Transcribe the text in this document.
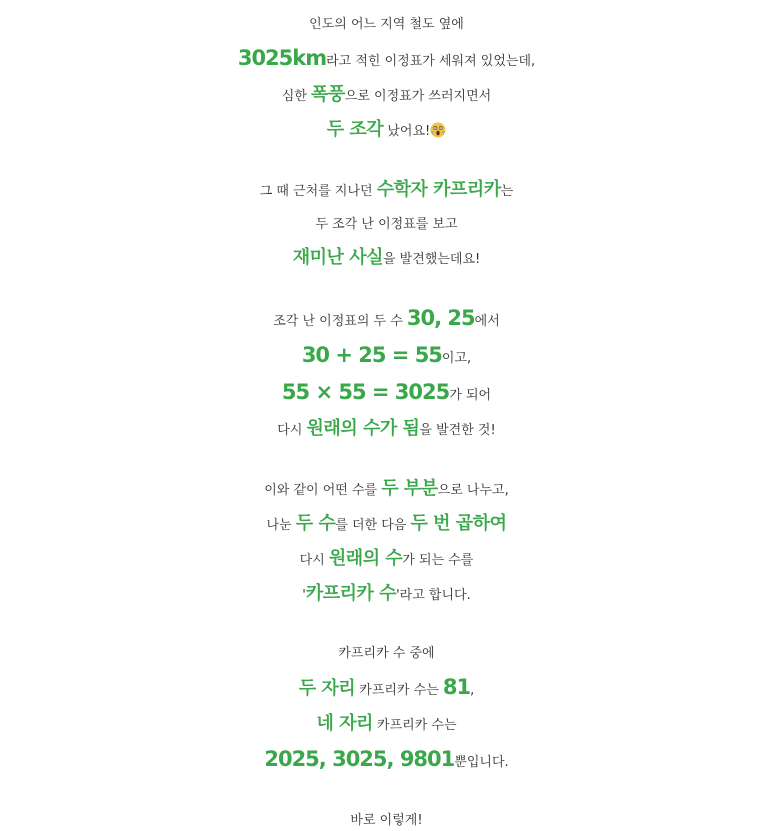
인도의 어느 지역 철도 옆에

3025km라고 적힌 이정표가 세워져 있었는데,

심한 폭풍으로 이정표가 쓰러지면서

두 조각 났어요!

그 때 근처를 지나던 수학자 카프리카는

두 조각 난 이정표를 보고

재미난 사실을 발견했는데요!

조각 난 이정표의 두 수 30, 25에서

30 + 25 = 55이고,

55 × 55 = 3025가 되어

다시 원래의 수가 됨을 발견한 것!

이와 같이 어떤 수를 두 부분으로 나누고,

나눈 두 수를 더한 다음 두 번 곱하여

다시 원래의 수가 되는 수를

'카프리카 수'라고 합니다.

카프리카 수 중에

두 자리 카프리카 수는 81,

네 자리 카프리카 수는

2025, 3025, 9801뿐입니다.

바로 이렇게!
